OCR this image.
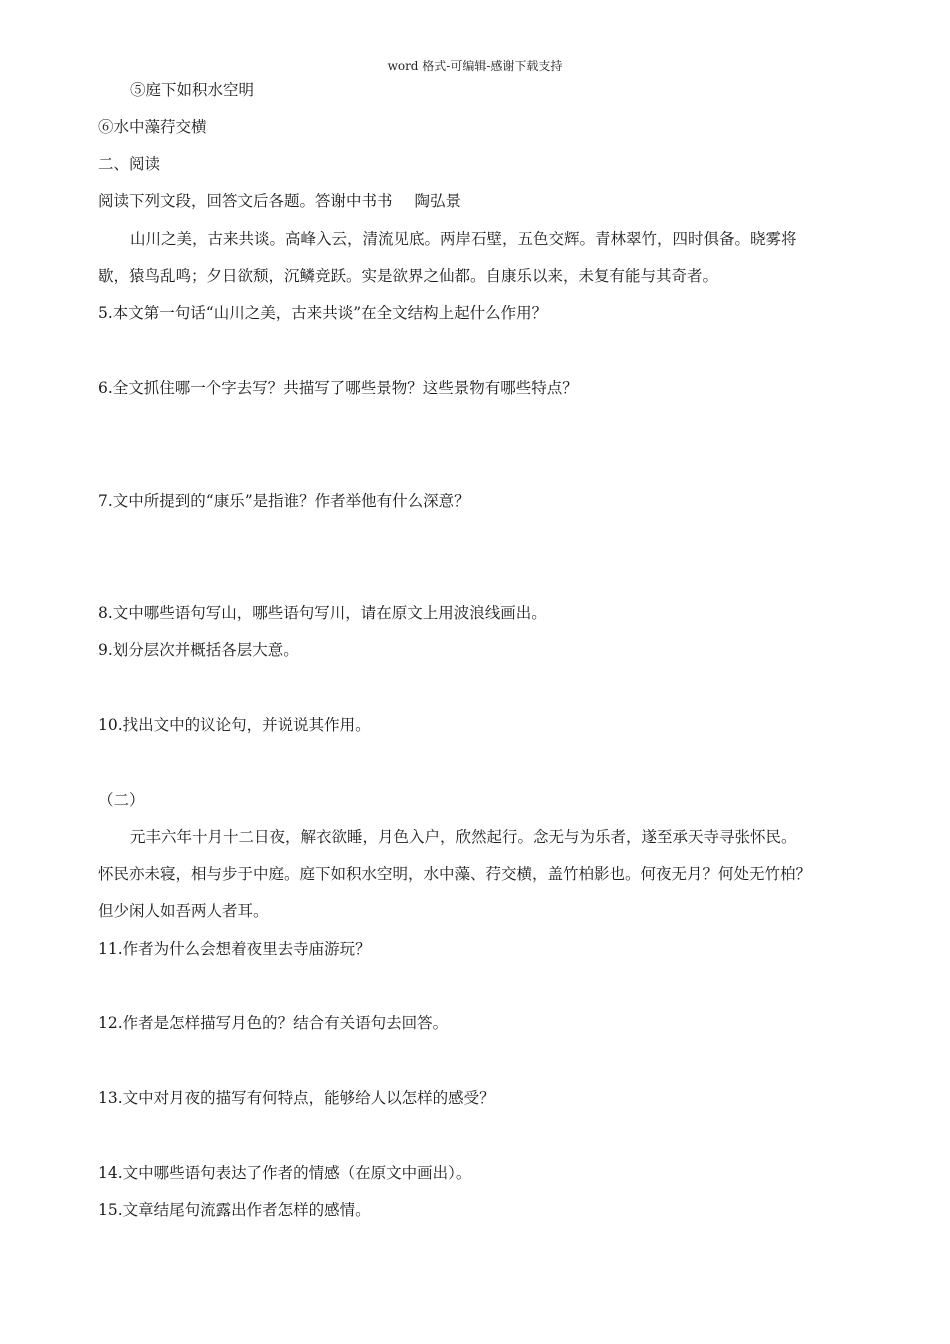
word 格式-可编辑-感谢下载支持
⑤庭下如积水空明
⑥水中藻荇交横
二、阅读
阅读下列文段，回答文后各题。答谢中书书 陶弘景
山川之美，古来共谈。高峰入云，清流见底。两岸石壁，五色交辉。青林翠竹，四时俱备。晓雾将
歇，猿鸟乱鸣；夕日欲颓，沉鳞竞跃。实是欲界之仙都。自康乐以来，未复有能与其奇者。
5.本文第一句话“山川之美，古来共谈”在全文结构上起什么作用？
6.全文抓住哪一个字去写？共描写了哪些景物？这些景物有哪些特点？
7.文中所提到的“康乐”是指谁？作者举他有什么深意？
8.文中哪些语句写山，哪些语句写川，请在原文上用波浪线画出。
9.划分层次并概括各层大意。
10.找出文中的议论句，并说说其作用。
（二）
元丰六年十月十二日夜，解衣欲睡，月色入户，欣然起行。念无与为乐者，遂至承天寺寻张怀民。
怀民亦未寝，相与步于中庭。庭下如积水空明，水中藻、荇交横，盖竹柏影也。何夜无月？何处无竹柏？
但少闲人如吾两人者耳。
11.作者为什么会想着夜里去寺庙游玩？
12.作者是怎样描写月色的？结合有关语句去回答。
13.文中对月夜的描写有何特点，能够给人以怎样的感受？
14.文中哪些语句表达了作者的情感（在原文中画出）。
15.文章结尾句流露出作者怎样的感情。
